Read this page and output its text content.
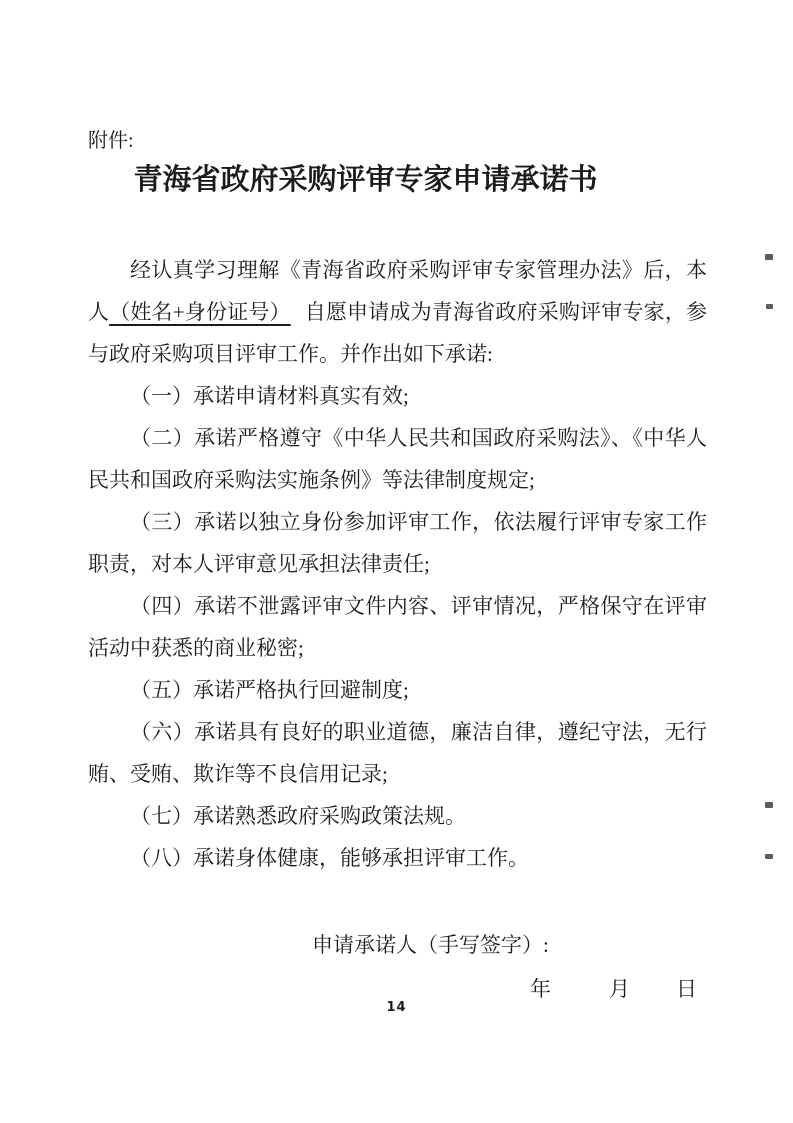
附件:
青海省政府采购评审专家申请承诺书

经认真学习理解《青海省政府采购评审专家管理办法》后，本人（姓名+身份证号） 自愿申请成为青海省政府采购评审专家，参与政府采购项目评审工作。并作出如下承诺:

（一）承诺申请材料真实有效;

（二）承诺严格遵守《中华人民共和国政府采购法》、《中华人民共和国政府采购法实施条例》等法律制度规定;

（三）承诺以独立身份参加评审工作，依法履行评审专家工作职责，对本人评审意见承担法律责任;

（四）承诺不泄露评审文件内容、评审情况，严格保守在评审活动中获悉的商业秘密;

（五）承诺严格执行回避制度;

（六）承诺具有良好的职业道德，廉洁自律，遵纪守法，无行贿、受贿、欺诈等不良信用记录;

（七）承诺熟悉政府采购政策法规。

（八）承诺身体健康，能够承担评审工作。

申请承诺人（手写签字）:
年	月 日
14
